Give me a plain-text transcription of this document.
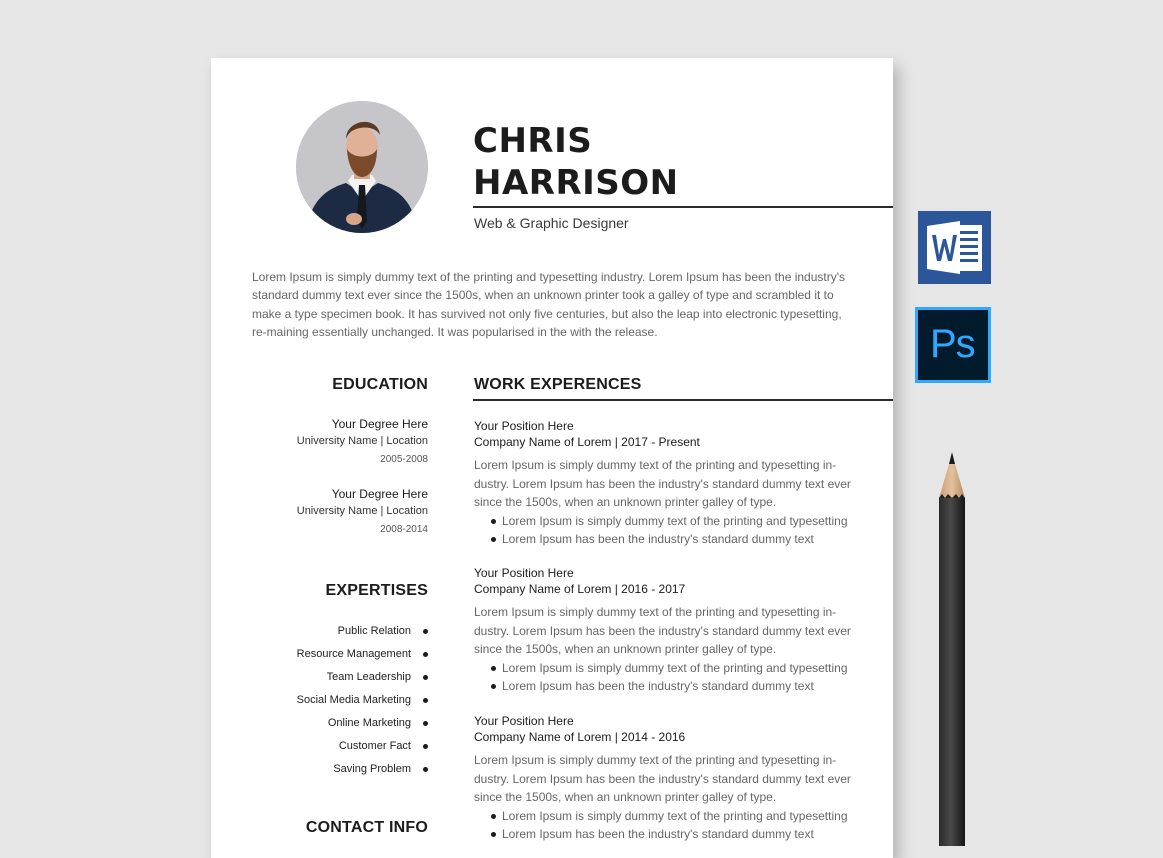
CHRIS
HARRISON
Web & Graphic Designer
Lorem Ipsum is simply dummy text of the printing and typesetting industry. Lorem Ipsum has been the industry's standard dummy text ever since the 1500s, when an unknown printer took a galley of type and scrambled it to make a type specimen book. It has survived not only five centuries, but also the leap into electronic typesetting, re-maining essentially unchanged. It was popularised in the with the release.
EDUCATION
Your Degree Here
University Name | Location
2005-2008
Your Degree Here
University Name | Location
2008-2014
EXPERTISES
Public Relation
Resource Management
Team Leadership
Social Media Marketing
Online Marketing
Customer Fact
Saving Problem
CONTACT INFO
WORK EXPERENCES
Your Position Here
Company Name of Lorem | 2017 - Present
Lorem Ipsum is simply dummy text of the printing and typesetting in-dustry. Lorem Ipsum has been the industry's standard dummy text ever since the 1500s, when an unknown printer galley of type.
Lorem Ipsum is simply dummy text of the printing and typesetting
Lorem Ipsum has been the industry's standard dummy text
Your Position Here
Company Name of Lorem | 2016 - 2017
Lorem Ipsum is simply dummy text of the printing and typesetting in-dustry. Lorem Ipsum has been the industry's standard dummy text ever since the 1500s, when an unknown printer galley of type.
Lorem Ipsum is simply dummy text of the printing and typesetting
Lorem Ipsum has been the industry's standard dummy text
Your Position Here
Company Name of Lorem | 2014 - 2016
Lorem Ipsum is simply dummy text of the printing and typesetting in-dustry. Lorem Ipsum has been the industry's standard dummy text ever since the 1500s, when an unknown printer galley of type.
Lorem Ipsum is simply dummy text of the printing and typesetting
Lorem Ipsum has been the industry's standard dummy text
Ps
